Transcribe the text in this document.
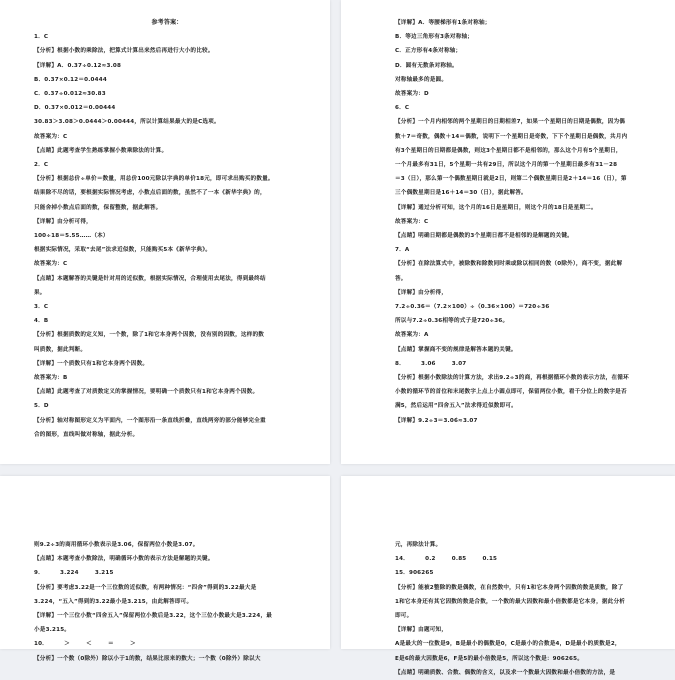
参考答案：
1．C
【分析】根据小数的乘除法，把算式计算出来然后再进行大小的比较。
【详解】A．0.37÷0.12≈3.08
B．0.37×0.12＝0.0444
C．0.37÷0.012≈30.83
D．0.37×0.012＝0.00444
30.83＞3.08＞0.0444＞0.00444，所以计算结果最大的是C选项。
故答案为：C
【点睛】此题考查学生熟练掌握小数乘除法的计算。
2．C
【分析】根据总价÷单价＝数量，用总价100元除以字典的单价18元，即可求出购买的数量。
结果除不尽的话，要根据实际情况考虑，小数点后面的数，虽然不了一本《新华字典》的，
只能舍掉小数点后面的数，保留整数，据此解答。
【详解】由分析可得，
100÷18＝5.55……（本）
根据实际情况，采取“去尾”法求近似数，只能购买5本《新华字典》。
故答案为：C
【点睛】本题解答的关键是针对用的近似数，根据实际情况，合理使用去尾法，得到最终结
果。
3．C
4．B
【分析】根据质数的定义知，一个数，除了1和它本身两个因数，没有别的因数，这样的数
叫质数，据此判断。
【详解】一个质数只有1和它本身两个因数。
故答案为：B
【点睛】此题考查了对质数定义的掌握情况，要明确一个质数只有1和它本身两个因数。
5．D
【分析】轴对称图形定义为平面内，一个图形沿一条直线折叠，直线两旁的部分能够完全重
合的图形，直线叫做对称轴，据此分析。
【详解】A．等腰梯形有1条对称轴；
B．等边三角形有3条对称轴；
C．正方形有4条对称轴；
D．圆有无数条对称轴。
对称轴最多的是圆。
故答案为：D
6．C
【分析】一个月内相邻的两个星期日的日期相差7，如果一个星期日的日期是偶数，因为偶
数＋7＝奇数，偶数＋14＝偶数，说明下一个星期日是奇数，下下个星期日是偶数，共月内
有3个星期日的日期都是偶数，则这3个星期日都不是相邻的，那么这个月有5个星期日，
一个月最多有31日，5个星期一共有29日，所以这个月的第一个星期日最多有31－28
＝3（日），那么第一个偶数星期日就是2日，则第二个偶数星期日是2＋14＝16（日），第
三个偶数星期日是16＋14＝30（日），据此解答。
【详解】通过分析可知，这个月的16日是星期日，则这个月的18日是星期二。
故答案为：C
【点睛】明确日期都是偶数的3个星期日都不是相邻的是解题的关键。
7．A
【分析】在除法算式中，被除数和除数同时乘或除以相同的数（0除外），商不变，据此解
答。
【详解】由分析得，
7.2÷0.36＝（7.2×100）÷（0.36×100）＝720÷36
所以与7.2÷0.36相等的式子是720÷36。
故答案为：A
【点睛】掌握商不变的规律是解答本题的关键。
8． 3.06̇ 3.07
【分析】根据小数除法的计算方法，求出9.2÷3的商，再根据循环小数的表示方法，在循环
小数的循环节的首位和末尾数字上点上小圆点即可，保留两位小数，看千分位上的数字是否
满5，然后运用“四舍五入”法求得近似数即可。
【详解】9.2÷3＝3.06̇≈3.07
则9.2÷3的商用循环小数表示是3.06̇，保留两位小数是3.07。
【点睛】本题考查小数除法，明确循环小数的表示方法是解题的关键。
9． 3.224 3.215
【分析】要考虑3.22是一个三位数的近似数，有两种情况：“四舍”得到的3.22最大是
3.224，“五入”得到的3.22最小是3.215，由此解答即可。
【详解】一个三位小数“四舍五入”保留两位小数后是3.22，这个三位小数最大是3.224，最
小是3.215。
10． ＞ ＜ ＝ ＞
【分析】一个数（0除外）除以小于1的数，结果比原来的数大；一个数（0除外）除以大
元，再除法计算。
14． 0.2 0.85 0.15
15．906265
【分析】能被2整除的数是偶数，在自然数中，只有1和它本身两个因数的数是质数，除了
1和它本身还有其它因数的数是合数，一个数的最大因数和最小倍数都是它本身，据此分析
即可。
【详解】由题可知，
A是最大的一位数是9，B是最小的偶数是0，C是最小的合数是4，D是最小的质数是2，
E是6的最大因数是6，F是5的最小倍数是5，所以这个数是：906265。
【点睛】明确质数、合数、偶数的含义，以及求一个数最大因数和最小倍数的方法，是
